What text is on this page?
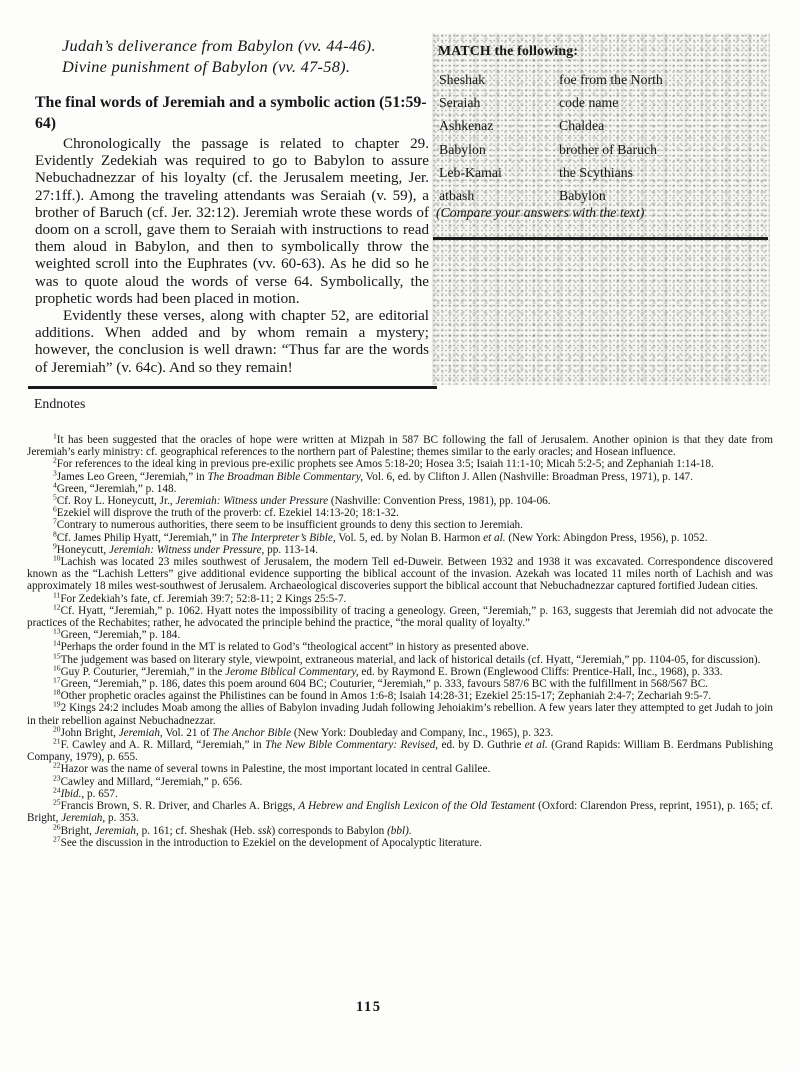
Judah’s deliverance from Babylon (vv. 44-46).
Divine punishment of Babylon (vv. 47-58).
The final words of Jeremiah and a symbolic action (51:59-64)

Chronologically the passage is related to chapter 29. Evidently Zedekiah was required to go to Babylon to assure Nebuchadnezzar of his loyalty (cf. the Jerusalem meeting, Jer. 27:1ff.). Among the traveling attendants was Seraiah (v. 59), a brother of Baruch (cf. Jer. 32:12). Jeremiah wrote these words of doom on a scroll, gave them to Seraiah with instructions to read them aloud in Babylon, and then to symbolically throw the weighted scroll into the Euphrates (vv. 60-63). As he did so he was to quote aloud the words of verse 64. Symbolically, the prophetic words had been placed in motion.

Evidently these verses, along with chapter 52, are editorial additions. When added and by whom remain a mystery; however, the conclusion is well drawn: “Thus far are the words of Jeremiah” (v. 64c). And so they remain!

MATCH the following:
Sheshak	foe from the North
Seraiah	code name
Ashkenaz	Chaldea
Babylon	brother of Baruch
Leb-Kamai	the Scythians
atbash	Babylon
(Compare your answers with the text)
Endnotes

$^1$It has been suggested that the oracles of hope were written at Mizpah in 587 BC following the fall of Jerusalem. Another opinion is that they date from Jeremiah’s early ministry: cf. geographical references to the northern part of Palestine; themes similar to the early oracles; and Hosean influence.

$^2$For references to the ideal king in previous pre-exilic prophets see Amos 5:18-20; Hosea 3:5; Isaiah 11:1-10; Micah 5:2-5; and Zephaniah 1:14-18.

$^3$James Leo Green, “Jeremiah,” in The Broadman Bible Commentary, Vol. 6, ed. by Clifton J. Allen (Nashville: Broadman Press, 1971), p. 147.

$^4$Green, “Jeremiah,” p. 148.

$^5$Cf. Roy L. Honeycutt, Jr., Jeremiah: Witness under Pressure (Nashville: Convention Press, 1981), pp. 104-06.

$^6$Ezekiel will disprove the truth of the proverb: cf. Ezekiel 14:13-20; 18:1-32.

$^7$Contrary to numerous authorities, there seem to be insufficient grounds to deny this section to Jeremiah.

$^8$Cf. James Philip Hyatt, “Jeremiah,” in The Interpreter’s Bible, Vol. 5, ed. by Nolan B. Harmon et al. (New York: Abingdon Press, 1956), p. 1052.

$^9$Honeycutt, Jeremiah: Witness under Pressure, pp. 113-14.

$^{10}$Lachish was located 23 miles southwest of Jerusalem, the modern Tell ed-Duweir. Between 1932 and 1938 it was excavated. Correspondence discovered known as the “Lachish Letters” give additional evidence supporting the biblical account of the invasion. Azekah was located 11 miles north of Lachish and was approximately 18 miles west-southwest of Jerusalem. Archaeological discoveries support the biblical account that Nebuchadnezzar captured fortified Judean cities.

$^{11}$For Zedekiah’s fate, cf. Jeremiah 39:7; 52:8-11; 2 Kings 25:5-7.

$^{12}$Cf. Hyatt, “Jeremiah,” p. 1062. Hyatt notes the impossibility of tracing a geneology. Green, “Jeremiah,” p. 163, suggests that Jeremiah did not advocate the practices of the Rechabites; rather, he advocated the principle behind the practice, “the moral quality of loyalty.”

$^{13}$Green, “Jeremiah,” p. 184.

$^{14}$Perhaps the order found in the MT is related to God’s “theological accent” in history as presented above.

$^{15}$The judgement was based on literary style, viewpoint, extraneous material, and lack of historical details (cf. Hyatt, “Jeremiah,” pp. 1104-05, for discussion).

$^{16}$Guy P. Couturier, “Jeremiah,” in the Jerome Biblical Commentary, ed. by Raymond E. Brown (Englewood Cliffs: Prentice-Hall, Inc., 1968), p. 333.

$^{17}$Green, “Jeremiah,” p. 186, dates this poem around 604 BC; Couturier, “Jeremiah,” p. 333, favours 587/6 BC with the fulfillment in 568/567 BC.

$^{18}$Other prophetic oracles against the Philistines can be found in Amos 1:6-8; Isaiah 14:28-31; Ezekiel 25:15-17; Zephaniah 2:4-7; Zechariah 9:5-7.

$^{19}$2 Kings 24:2 includes Moab among the allies of Babylon invading Judah following Jehoiakim’s rebellion. A few years later they attempted to get Judah to join in their rebellion against Nebuchadnezzar.

$^{20}$John Bright, Jeremiah, Vol. 21 of The Anchor Bible (New York: Doubleday and Company, Inc., 1965), p. 323.

$^{21}$F. Cawley and A. R. Millard, “Jeremiah,” in The New Bible Commentary: Revised, ed. by D. Guthrie et al. (Grand Rapids: William B. Eerdmans Publishing Company, 1979), p. 655.

$^{22}$Hazor was the name of several towns in Palestine, the most important located in central Galilee.

$^{23}$Cawley and Millard, “Jeremiah,” p. 656.

$^{24}$Ibid., p. 657.

$^{25}$Francis Brown, S. R. Driver, and Charles A. Briggs, A Hebrew and English Lexicon of the Old Testament (Oxford: Clarendon Press, reprint, 1951), p. 165; cf. Bright, Jeremiah, p. 353.

$^{26}$Bright, Jeremiah, p. 161; cf. Sheshak (Heb. ssk) corresponds to Babylon (bbl).

$^{27}$See the discussion in the introduction to Ezekiel on the development of Apocalyptic literature.

115
